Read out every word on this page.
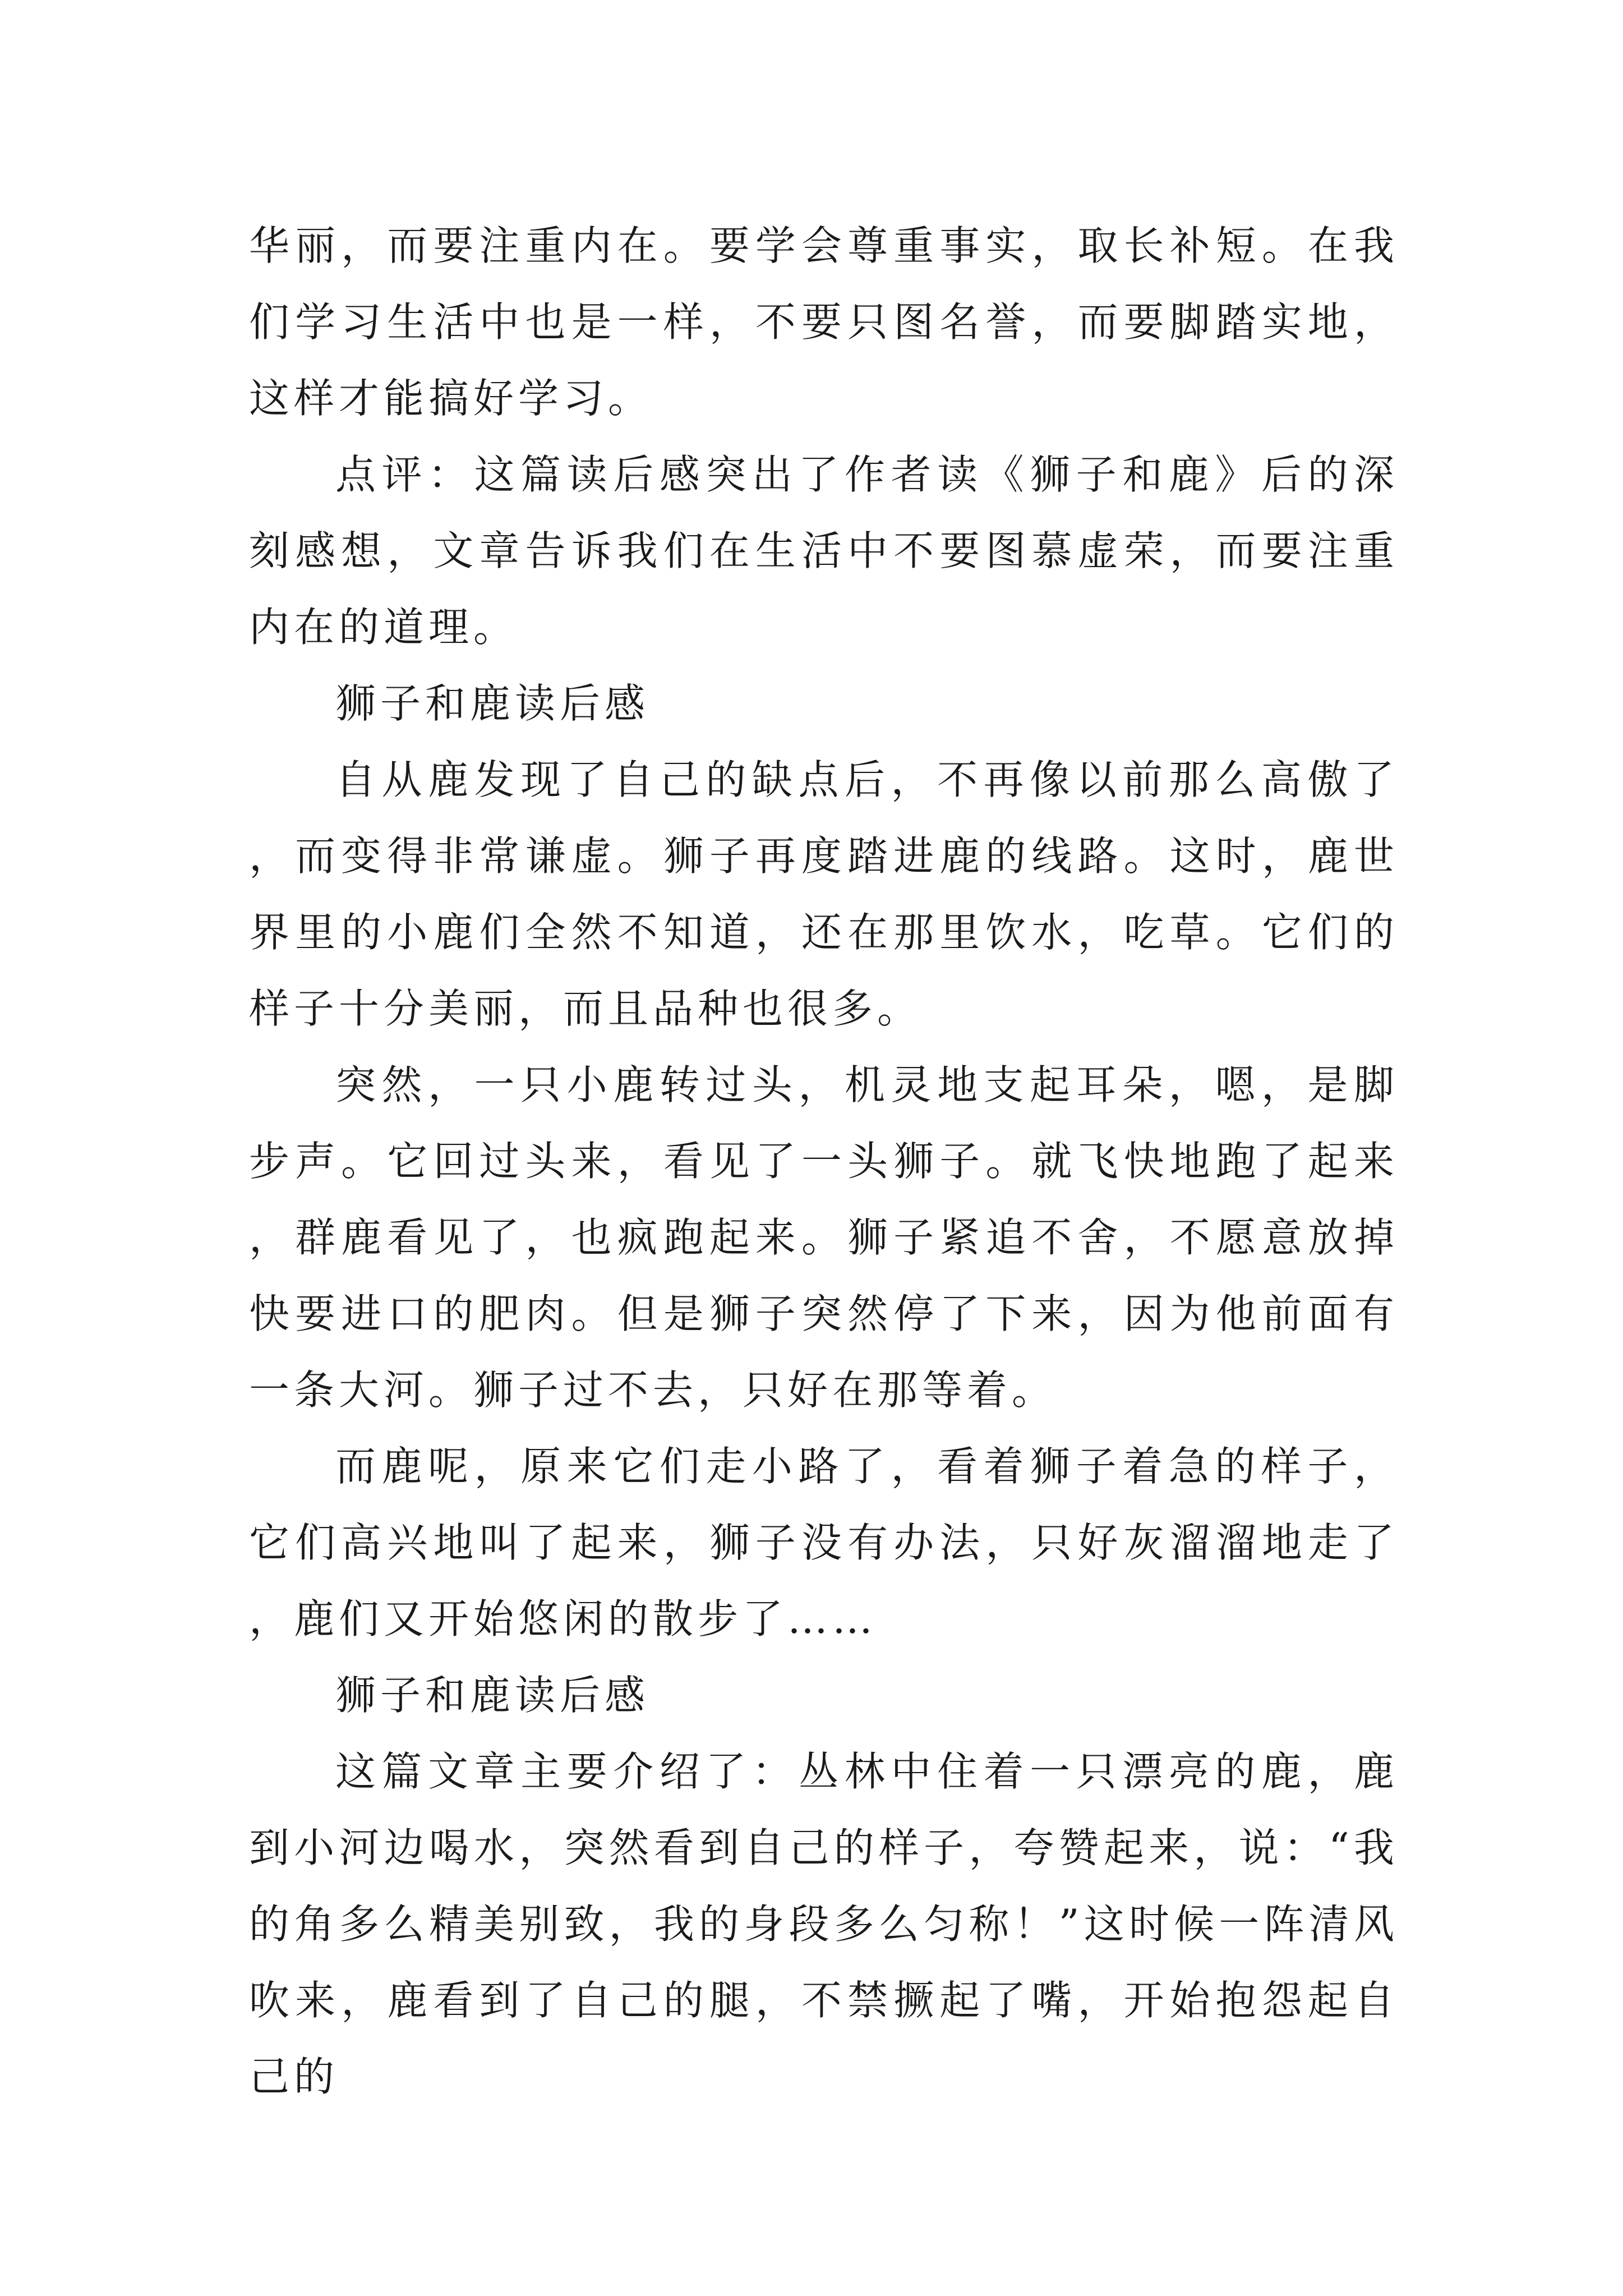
华丽，而要注重内在。要学会尊重事实，取长补短。在我们学习生活中也是一样，不要只图名誉，而要脚踏实地，这样才能搞好学习。

点评：这篇读后感突出了作者读《狮子和鹿》后的深刻感想，文章告诉我们在生活中不要图慕虚荣，而要注重内在的道理。

狮子和鹿读后感

自从鹿发现了自己的缺点后，不再像以前那么高傲了，而变得非常谦虚。狮子再度踏进鹿的线路。这时，鹿世界里的小鹿们全然不知道，还在那里饮水，吃草。它们的样子十分美丽，而且品种也很多。

突然，一只小鹿转过头，机灵地支起耳朵，嗯，是脚步声。它回过头来，看见了一头狮子。就飞快地跑了起来，群鹿看见了，也疯跑起来。狮子紧追不舍，不愿意放掉快要进口的肥肉。但是狮子突然停了下来，因为他前面有一条大河。狮子过不去，只好在那等着。

而鹿呢，原来它们走小路了，看着狮子着急的样子，它们高兴地叫了起来，狮子没有办法，只好灰溜溜地走了，鹿们又开始悠闲的散步了……

狮子和鹿读后感

这篇文章主要介绍了：丛林中住着一只漂亮的鹿，鹿到小河边喝水，突然看到自己的样子，夸赞起来，说：“我的角多么精美别致，我的身段多么匀称！”这时候一阵清风吹来，鹿看到了自己的腿，不禁撅起了嘴，开始抱怨起自己的
